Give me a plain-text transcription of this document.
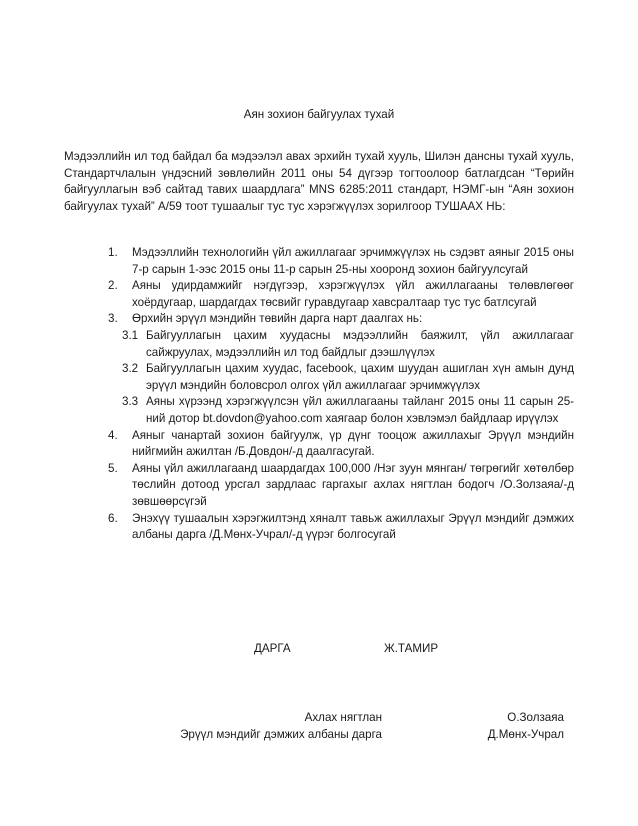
Аян зохион байгуулах тухай
Мэдээллийн ил тод байдал ба мэдээлэл авах эрхийн тухай хууль, Шилэн дансны тухай хууль, Стандартчлалын үндэсний зөвлөлийн 2011 оны 54 дүгээр тогтоолоор батлагдсан “Төрийн байгууллагын вэб сайтад тавих шаардлага” MNS 6285:2011 стандарт, НЭМГ-ын “Аян зохион байгуулах тухай” А/59 тоот тушаалыг тус тус хэрэгжүүлэх зорилгоор ТУШААХ НЬ:
1. Мэдээллийн технологийн үйл ажиллагааг эрчимжүүлэх нь сэдэвт аяныг 2015 оны 7-р сарын 1-ээс 2015 оны 11-р сарын 25-ны хооронд зохион байгуулсугай
2. Аяны удирдамжийг нэгдүгээр, хэрэгжүүлэх үйл ажиллагааны төлөвлөгөөг хоёрдугаар, шардагдах төсвийг гуравдугаар хавсралтаар тус тус батлсугай
3. Өрхийн эрүүл мэндийн төвийн дарга нарт даалгах нь:
3.1 Байгууллагын цахим хуудасны мэдээллийн баяжилт, үйл ажиллагааг сайжруулах, мэдээллийн ил тод байдлыг дээшлүүлэх
3.2 Байгууллагын цахим хуудас, facebook, цахим шуудан ашиглан хүн амын дунд эрүүл мэндийн боловсрол олгох үйл ажиллагааг эрчимжүүлэх
3.3 Аяны хүрээнд хэрэгжүүлсэн үйл ажиллагааны тайланг 2015 оны 11 сарын 25-ний дотор bt.dovdon@yahoo.com хаягаар болон хэвлэмэл байдлаар ирүүлэх
4. Аяныг чанартай зохион байгуулж, үр дүнг тооцож ажиллахыг Эрүүл мэндийн нийгмийн ажилтан /Б.Довдон/-д даалгасугай.
5. Аяны үйл ажиллагаанд шаардагдах 100,000 /Нэг зуун мянган/ төгрөгийг хөтөлбөр төслийн дотоод урсгал зардлаас гаргахыг ахлах нягтлан бодогч /О.Золзаяа/-д зөвшөөрсүгэй
6. Энэхүү тушаалын хэрэгжилтэнд хяналт тавьж ажиллахыг Эрүүл мэндийг дэмжих албаны дарга /Д.Мөнх-Учрал/-д үүрэг болгосугай
ДАРГА	Ж.ТАМИР
Ахлах нягтлан	О.Золзаяа
Эрүүл мэндийг дэмжих албаны дарга	Д.Мөнх-Учрал
